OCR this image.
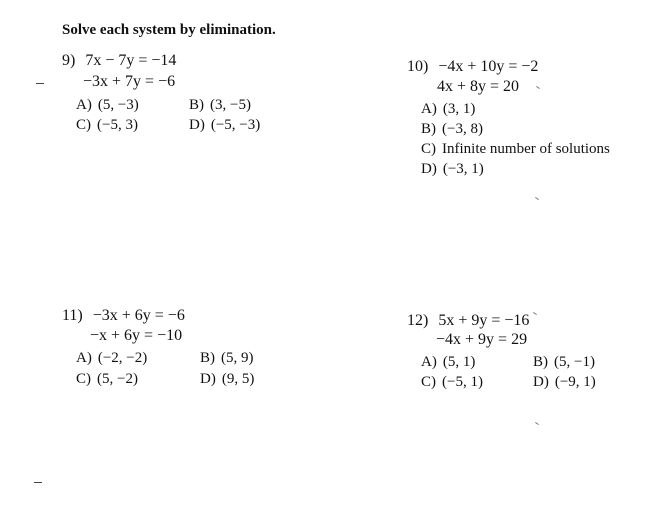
Solve each system by elimination.
9) 7x − 7y = −14
−3x + 7y = −6
A) (5, −3)	B) (3, −5)
C) (−5, 3)	D) (−5, −3)
10) −4x + 10y = −2
4x + 8y = 20
A) (3, 1)
B) (−3, 8)
C) Infinite number of solutions
D) (−3, 1)
11) −3x + 6y = −6
−x + 6y = −10
A) (−2, −2)	B) (5, 9)
C) (5, −2)	D) (9, 5)
12) 5x + 9y = −16
−4x + 9y = 29
A) (5, 1)	B) (5, −1)
C) (−5, 1)	D) (−9, 1)
